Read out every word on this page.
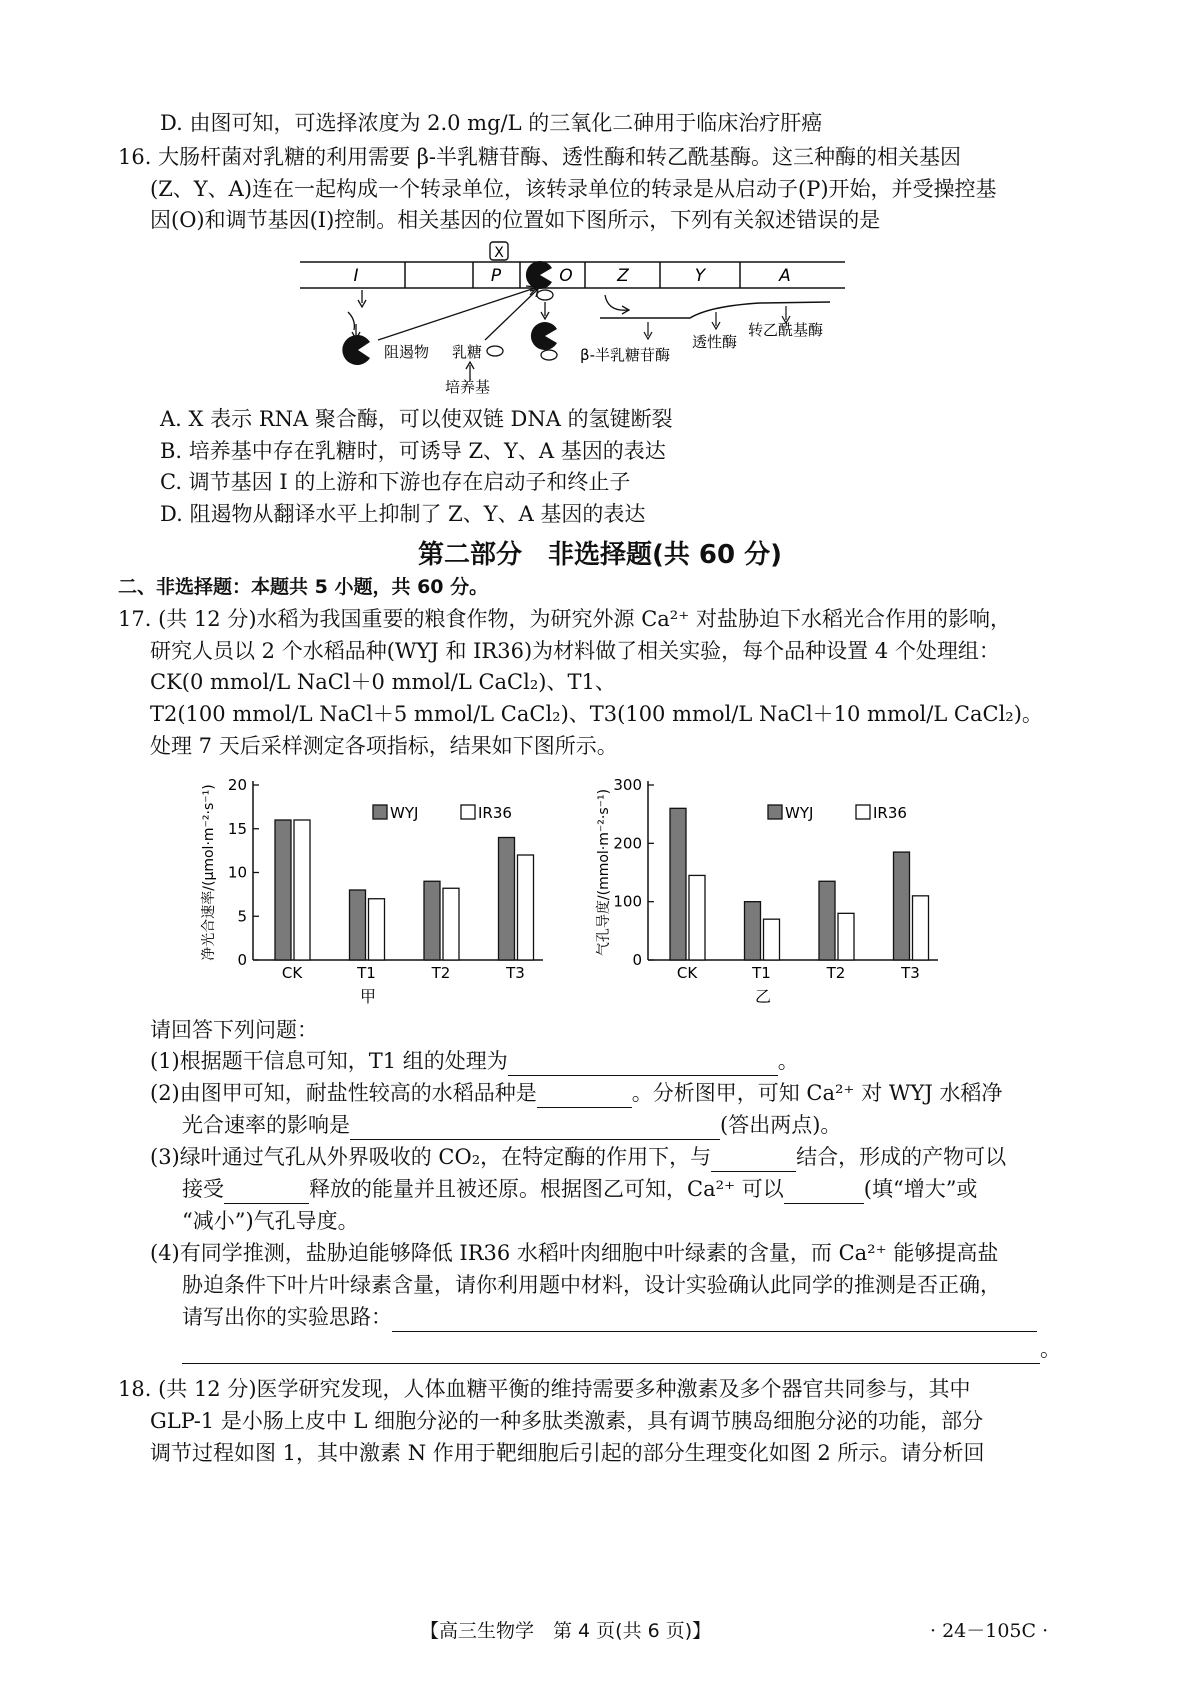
D. 由图可知，可选择浓度为 2.0 mg/L 的三氧化二砷用于临床治疗肝癌
16. 大肠杆菌对乳糖的利用需要 β-半乳糖苷酶、透性酶和转乙酰基酶。这三种酶的相关基因
(Z、Y、A)连在一起构成一个转录单位，该转录单位的转录是从启动子(P)开始，并受操控基
因(O)和调节基因(I)控制。相关基因的位置如下图所示，下列有关叙述错误的是
I	P	O	Z	Y	A
X
阻遏物 乳糖
培养基
β-半乳糖苷酶
透性酶
转乙酰基酶
A. X 表示 RNA 聚合酶，可以使双链 DNA 的氢键断裂
B. 培养基中存在乳糖时，可诱导 Z、Y、A 基因的表达
C. 调节基因 I 的上游和下游也存在启动子和终止子
D. 阻遏物从翻译水平上抑制了 Z、Y、A 基因的表达
第二部分　非选择题(共 60 分)
二、非选择题：本题共 5 小题，共 60 分。
17. (共 12 分)水稻为我国重要的粮食作物，为研究外源 Ca²⁺ 对盐胁迫下水稻光合作用的影响，
研究人员以 2 个水稻品种(WYJ 和 IR36)为材料做了相关实验，每个品种设置 4 个处理组：
CK(0 mmol/L NaCl＋0 mmol/L CaCl₂)、T1、
T2(100 mmol/L NaCl＋5 mmol/L CaCl₂)、T3(100 mmol/L NaCl＋10 mmol/L CaCl₂)。
处理 7 天后采样测定各项指标，结果如下图所示。
0
5
10
15
20
净光合速率/(μmol·m⁻²·s⁻¹)
CK	T1	T2	T3
甲
WYJ	IR36
0
100
200
300
气孔导度/(mmol·m⁻²·s⁻¹)
CK	T1	T2	T3
乙
WYJ	IR36
请回答下列问题：
(1)根据题干信息可知，T1 组的处理为	。
(2)由图甲可知，耐盐性较高的水稻品种是	。分析图甲，可知 Ca²⁺ 对 WYJ 水稻净
光合速率的影响是	(答出两点)。
(3)绿叶通过气孔从外界吸收的 CO₂，在特定酶的作用下，与	结合，形成的产物可以
接受	释放的能量并且被还原。根据图乙可知，Ca²⁺ 可以	(填“增大”或
“减小”)气孔导度。
(4)有同学推测，盐胁迫能够降低 IR36 水稻叶肉细胞中叶绿素的含量，而 Ca²⁺ 能够提高盐
胁迫条件下叶片叶绿素含量，请你利用题中材料，设计实验确认此同学的推测是否正确，
请写出你的实验思路：
。
18. (共 12 分)医学研究发现，人体血糖平衡的维持需要多种激素及多个器官共同参与，其中
GLP-1 是小肠上皮中 L 细胞分泌的一种多肽类激素，具有调节胰岛细胞分泌的功能，部分
调节过程如图 1，其中激素 N 作用于靶细胞后引起的部分生理变化如图 2 所示。请分析回
【高三生物学　第 4 页(共 6 页)】	· 24－105C ·
